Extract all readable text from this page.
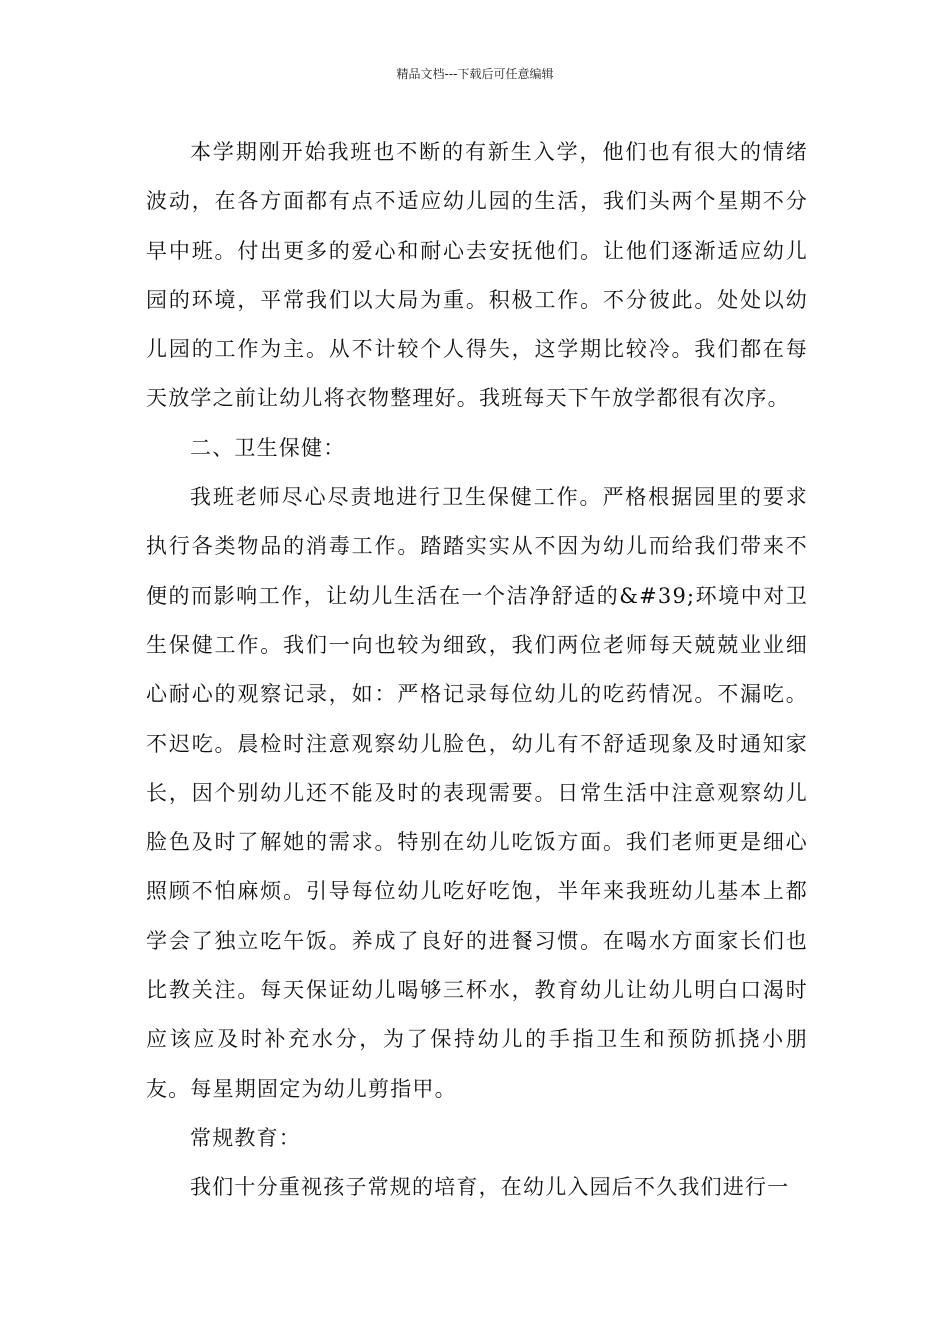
精品文档---下载后可任意编辑

本学期刚开始我班也不断的有新生入学，他们也有很大的情绪波动，在各方面都有点不适应幼儿园的生活，我们头两个星期不分早中班。付出更多的爱心和耐心去安抚他们。让他们逐渐适应幼儿园的环境，平常我们以大局为重。积极工作。不分彼此。处处以幼儿园的工作为主。从不计较个人得失，这学期比较冷。我们都在每天放学之前让幼儿将衣物整理好。我班每天下午放学都很有次序。

二、卫生保健：

我班老师尽心尽责地进行卫生保健工作。严格根据园里的要求执行各类物品的消毒工作。踏踏实实从不因为幼儿而给我们带来不便的而影响工作，让幼儿生活在一个洁净舒适的&#39;环境中对卫生保健工作。我们一向也较为细致，我们两位老师每天兢兢业业细心耐心的观察记录，如：严格记录每位幼儿的吃药情况。不漏吃。不迟吃。晨检时注意观察幼儿脸色，幼儿有不舒适现象及时通知家长，因个别幼儿还不能及时的表现需要。日常生活中注意观察幼儿脸色及时了解她的需求。特别在幼儿吃饭方面。我们老师更是细心照顾不怕麻烦。引导每位幼儿吃好吃饱，半年来我班幼儿基本上都学会了独立吃午饭。养成了良好的进餐习惯。在喝水方面家长们也比教关注。每天保证幼儿喝够三杯水，教育幼儿让幼儿明白口渴时应该应及时补充水分，为了保持幼儿的手指卫生和预防抓挠小朋友。每星期固定为幼儿剪指甲。

常规教育：

我们十分重视孩子常规的培育，在幼儿入园后不久我们进行一
